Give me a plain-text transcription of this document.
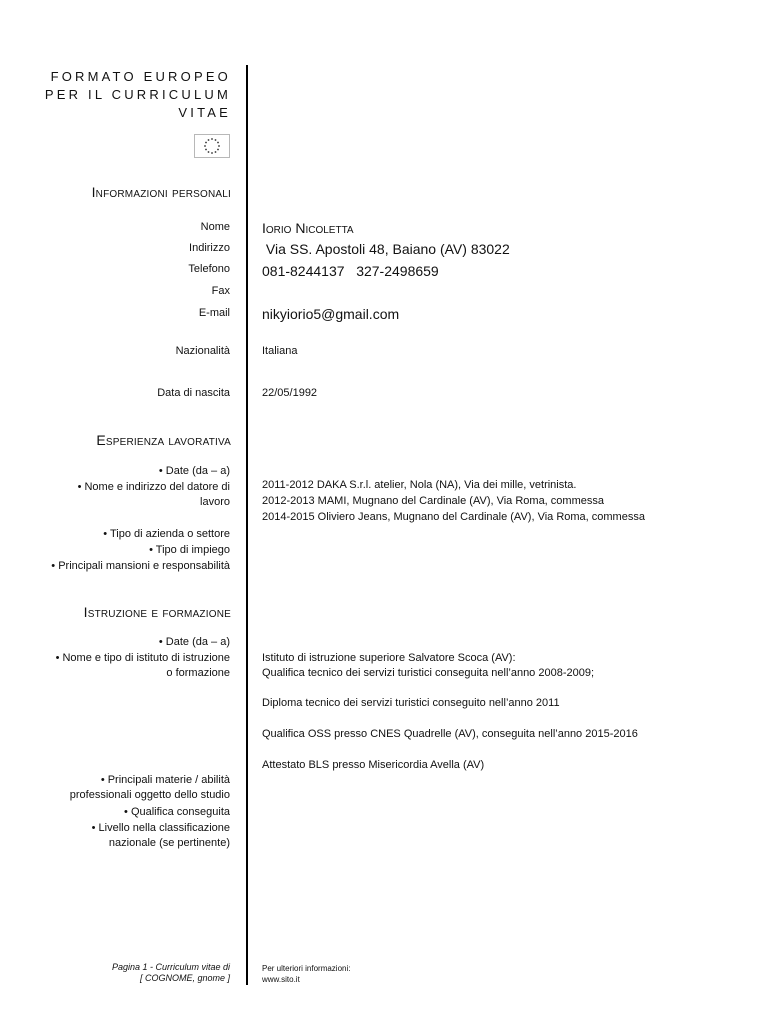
FORMATO EUROPEO
PER IL CURRICULUM
VITAE
Informazioni personali
Nome
Indirizzo
Telefono
Fax
E-mail
Nazionalità
Data di nascita
Iorio Nicoletta
Via SS. Apostoli 48, Baiano (AV) 83022
081-8244137   327-2498659
nikyiorio5@gmail.com
Italiana
22/05/1992
Esperienza lavorativa
• Date (da – a)
• Nome e indirizzo del datore di
lavoro
• Tipo di azienda o settore
• Tipo di impiego
• Principali mansioni e responsabilità
2011-2012 DAKA S.r.l. atelier, Nola (NA), Via dei mille, vetrinista.
2012-2013 MAMI, Mugnano del Cardinale (AV), Via Roma, commessa
2014-2015 Oliviero Jeans, Mugnano del Cardinale (AV), Via Roma, commessa
Istruzione e formazione
• Date (da – a)
• Nome e tipo di istituto di istruzione
o formazione
• Principali materie / abilità
professionali oggetto dello studio
• Qualifica conseguita
• Livello nella classificazione
nazionale (se pertinente)
Istituto di istruzione superiore Salvatore Scoca (AV):
Qualifica tecnico dei servizi turistici conseguita nell’anno 2008-2009;
Diploma tecnico dei servizi turistici conseguito nell’anno 2011
Qualifica OSS presso CNES Quadrelle (AV), conseguita nell’anno 2015-2016
Attestato BLS presso Misericordia Avella (AV)
Pagina 1 - Curriculum vitae di
[ COGNOME, gnome ]
Per ulteriori informazioni:
www.sito.it
